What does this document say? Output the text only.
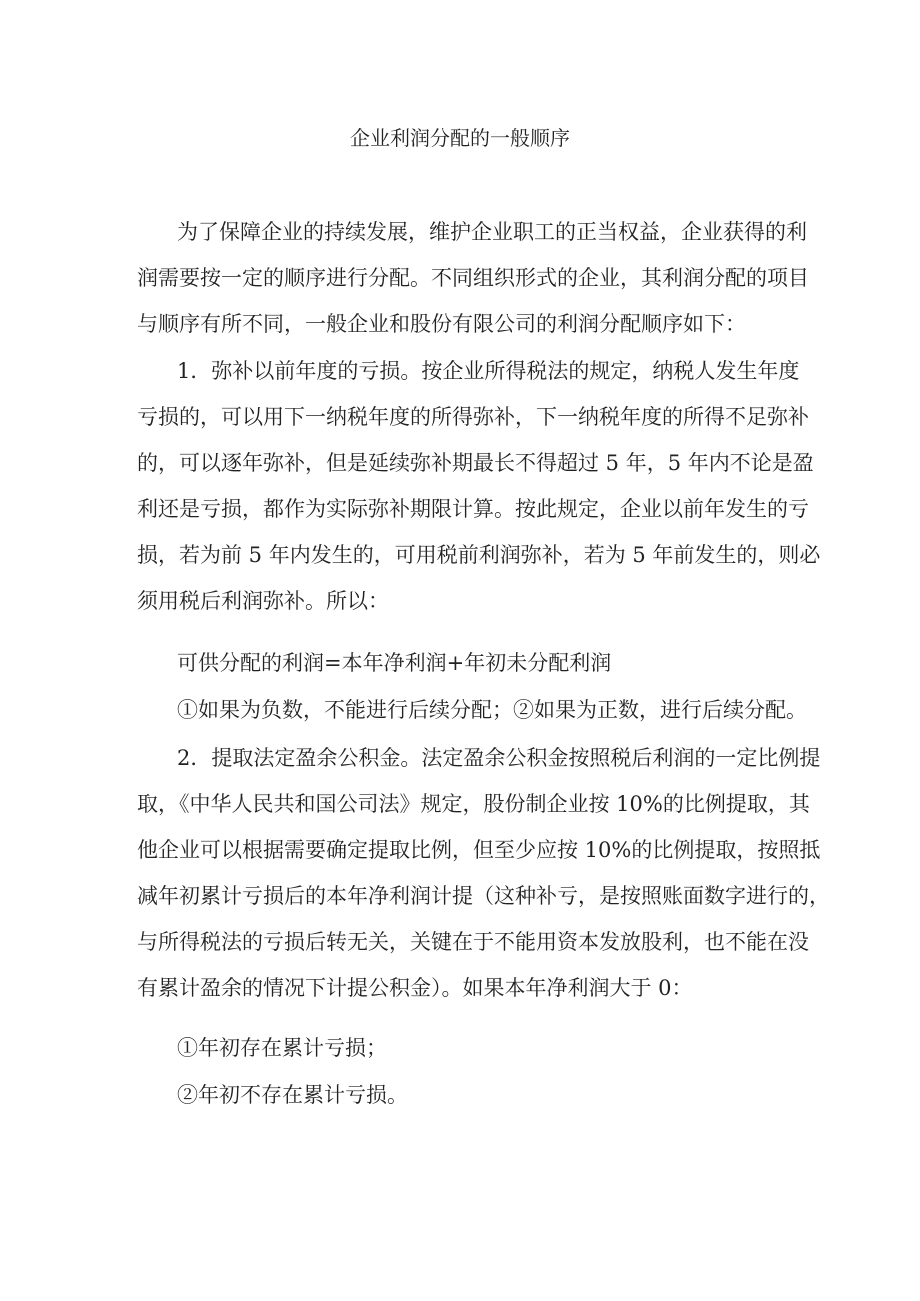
企业利润分配的一般顺序
为了保障企业的持续发展，维护企业职工的正当权益，企业获得的利
润需要按一定的顺序进行分配。不同组织形式的企业，其利润分配的项目
与顺序有所不同，一般企业和股份有限公司的利润分配顺序如下：
1．弥补以前年度的亏损。按企业所得税法的规定，纳税人发生年度
亏损的，可以用下一纳税年度的所得弥补，下一纳税年度的所得不足弥补
的，可以逐年弥补，但是延续弥补期最长不得超过 5 年，5 年内不论是盈
利还是亏损，都作为实际弥补期限计算。按此规定，企业以前年发生的亏
损，若为前 5 年内发生的，可用税前利润弥补，若为 5 年前发生的，则必
须用税后利润弥补。所以：
可供分配的利润=本年净利润+年初未分配利润
①如果为负数，不能进行后续分配；②如果为正数，进行后续分配。
2．提取法定盈余公积金。法定盈余公积金按照税后利润的一定比例提
取，《中华人民共和国公司法》规定，股份制企业按 10%的比例提取，其
他企业可以根据需要确定提取比例，但至少应按 10%的比例提取，按照抵
减年初累计亏损后的本年净利润计提（这种补亏，是按照账面数字进行的，
与所得税法的亏损后转无关，关键在于不能用资本发放股利，也不能在没
有累计盈余的情况下计提公积金）。如果本年净利润大于 0：
①年初存在累计亏损；
②年初不存在累计亏损。
